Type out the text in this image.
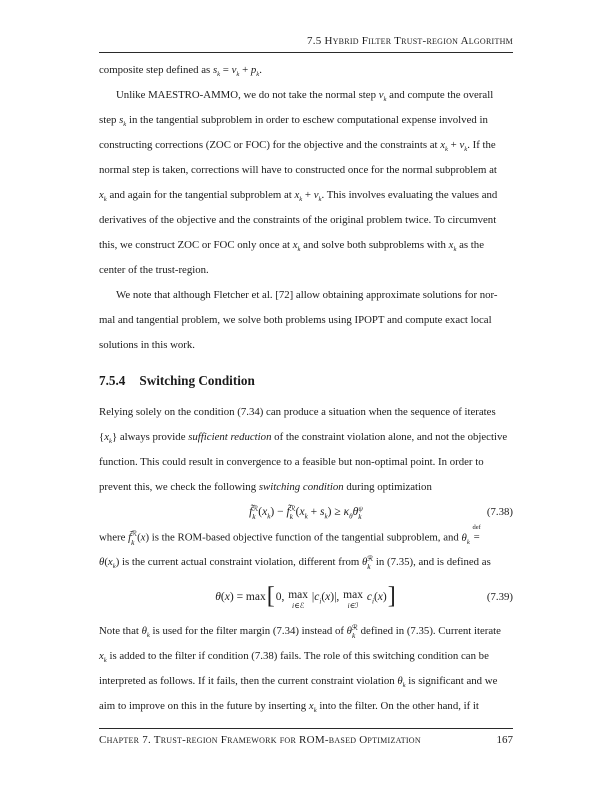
7.5 Hybrid Filter Trust-region Algorithm
composite step defined as $s_k = v_k + p_k$.
Unlike MAESTRO-AMMO, we do not take the normal step $v_k$ and compute the overall
step $s_k$ in the tangential subproblem in order to eschew computational expense involved in
constructing corrections (ZOC or FOC) for the objective and the constraints at $x_k + v_k$. If the
normal step is taken, corrections will have to constructed once for the normal subproblem at
$x_k$ and again for the tangential subproblem at $x_k + v_k$. This involves evaluating the values and
derivatives of the objective and the constraints of the original problem twice. To circumvent
this, we construct ZOC or FOC only once at $x_k$ and solve both subproblems with $x_k$ as the
center of the trust-region.
We note that although Fletcher et al. [72] allow obtaining approximate solutions for nor-
mal and tangential problem, we solve both problems using IPOPT and compute exact local
solutions in this work.
7.5.4 Switching Condition
Relying solely on the condition (7.34) can produce a situation when the sequence of iterates
$\{x_k\}$ always provide sufficient reduction of the constraint violation alone, and not the objective
function. This could result in convergence to a feasible but non-optimal point. In order to
prevent this, we check the following switching condition during optimization
f̃ ℛ
k $(x_k)$ − f̃ ℛ
k $(x_k + s_k) \ge \kappa_\theta\theta$ ψ
k	(7.38)
where f̃ ℛ
k (x) is the ROM-based objective function of the tangential subproblem, and $\theta_k$
def
=
$\theta(x_k)$ is the current actual constraint violation, different from θ̃ ℛ
k in (7.35), and is defined as
θ(x) = max[0, max
i∈ℰ
$|c_i(x)|$, max
i∈ℐ
$c_i(x)$]	(7.39)
Note that $\theta_k$ is used for the filter margin (7.34) instead of θ̃ ℛ
k defined in (7.35). Current iterate
$x_k$ is added to the filter if condition (7.38) fails. The role of this switching condition can be
interpreted as follows. If it fails, then the current constraint violation $\theta_k$ is significant and we
aim to improve on this in the future by inserting $x_k$ into the filter. On the other hand, if it
Chapter 7. Trust-region Framework for ROM-based Optimization	167
